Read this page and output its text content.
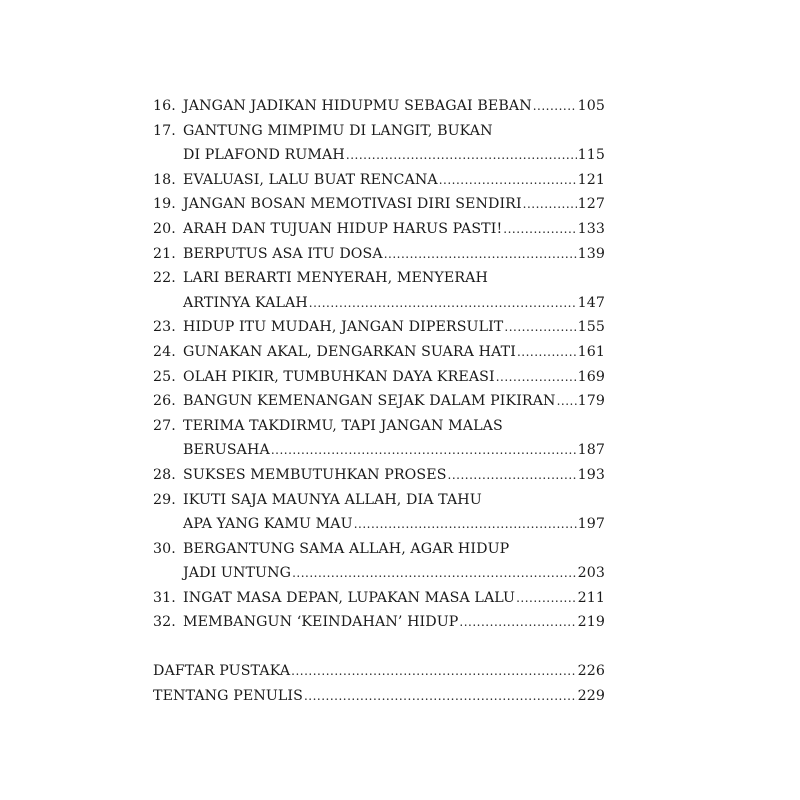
16. JANGAN JADIKAN HIDUPMU SEBAGAI BEBAN .....	105
17. GANTUNG MIMPIMU DI LANGIT, BUKAN
DI PLAFOND RUMAH .....	115
18. EVALUASI, LALU BUAT RENCANA .....	121
19. JANGAN BOSAN MEMOTIVASI DIRI SENDIRI .....	127
20. ARAH DAN TUJUAN HIDUP HARUS PASTI! .....	133
21. BERPUTUS ASA ITU DOSA .....	139
22. LARI BERARTI MENYERAH, MENYERAH
ARTINYA KALAH .....	147
23. HIDUP ITU MUDAH, JANGAN DIPERSULIT .....	155
24. GUNAKAN AKAL, DENGARKAN SUARA HATI .....	161
25. OLAH PIKIR, TUMBUHKAN DAYA KREASI .....	169
26. BANGUN KEMENANGAN SEJAK DALAM PIKIRAN ..... 179
27. TERIMA TAKDIRMU, TAPI JANGAN MALAS
BERUSAHA .....	187
28. SUKSES MEMBUTUHKAN PROSES .....	193
29. IKUTI SAJA MAUNYA ALLAH, DIA TAHU
APA YANG KAMU MAU .....	197
30. BERGANTUNG SAMA ALLAH, AGAR HIDUP
JADI UNTUNG .....	203
31. INGAT MASA DEPAN, LUPAKAN MASA LALU .....	211
32. MEMBANGUN ‘KEINDAHAN’ HIDUP .....	219
DAFTAR PUSTAKA .....	226
TENTANG PENULIS .....	229
